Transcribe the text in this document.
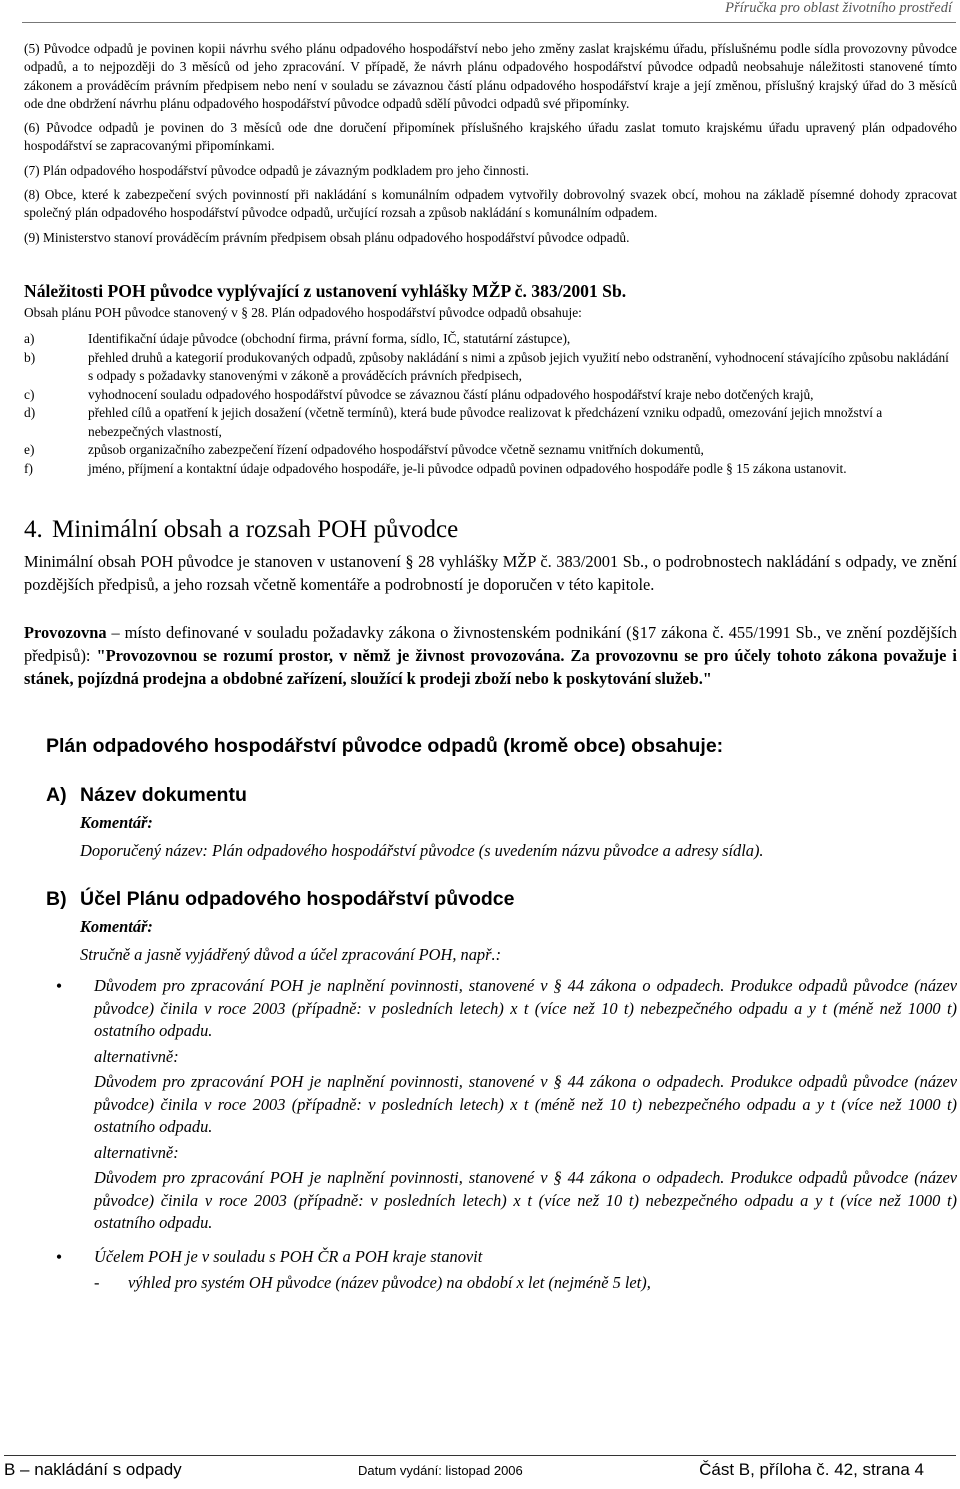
Příručka pro oblast životního prostředí

(5) Původce odpadů je povinen kopii návrhu svého plánu odpadového hospodářství nebo jeho změny zaslat krajskému úřadu, příslušnému podle sídla provozovny původce odpadů, a to nejpozději do 3 měsíců od jeho zpracování. V případě, že návrh plánu odpadového hospodářství původce odpadů neobsahuje náležitosti stanovené tímto zákonem a prováděcím právním předpisem nebo není v souladu se závaznou částí plánu odpadového hospodářství kraje a její změnou, příslušný krajský úřad do 3 měsíců ode dne obdržení návrhu plánu odpadového hospodářství původce odpadů sdělí původci odpadů své připomínky.

(6) Původce odpadů je povinen do 3 měsíců ode dne doručení připomínek příslušného krajského úřadu zaslat tomuto krajskému úřadu upravený plán odpadového hospodářství se zapracovanými připomínkami.

(7) Plán odpadového hospodářství původce odpadů je závazným podkladem pro jeho činnosti.

(8) Obce, které k zabezpečení svých povinností při nakládání s komunálním odpadem vytvořily dobrovolný svazek obcí, mohou na základě písemné dohody zpracovat společný plán odpadového hospodářství původce odpadů, určující rozsah a způsob nakládání s komunálním odpadem.

(9) Ministerstvo stanoví prováděcím právním předpisem obsah plánu odpadového hospodářství původce odpadů.

Náležitosti POH původce vyplývající z ustanovení vyhlášky MŽP č. 383/2001 Sb.

Obsah plánu POH původce stanovený v § 28. Plán odpadového hospodářství původce odpadů obsahuje:

a)	Identifikační údaje původce (obchodní firma, právní forma, sídlo, IČ, statutární zástupce),
b)	přehled druhů a kategorií produkovaných odpadů, způsoby nakládání s nimi a způsob jejich využití nebo odstranění, vyhodnocení stávajícího způsobu nakládání s odpady s požadavky stanovenými v zákoně a prováděcích právních předpisech,
c)	vyhodnocení souladu odpadového hospodářství původce se závaznou částí plánu odpadového hospodářství kraje nebo dotčených krajů,
d)	přehled cílů a opatření k jejich dosažení (včetně termínů), která bude původce realizovat k předcházení vzniku odpadů, omezování jejich množství a nebezpečných vlastností,
e)	způsob organizačního zabezpečení řízení odpadového hospodářství původce včetně seznamu vnitřních dokumentů,
f)	jméno, příjmení a kontaktní údaje odpadového hospodáře, je-li původce odpadů povinen odpadového hospodáře podle § 15 zákona ustanovit.
4. Minimální obsah a rozsah POH původce

Minimální obsah POH původce je stanoven v ustanovení § 28 vyhlášky MŽP č. 383/2001 Sb., o podrobnostech nakládání s odpady, ve znění pozdějších předpisů, a jeho rozsah včetně komentáře a podrobností je doporučen v této kapitole.

Provozovna – místo definované v souladu požadavky zákona o živnostenském podnikání (§17 zákona č. 455/1991 Sb., ve znění pozdějších předpisů): "Provozovnou se rozumí prostor, v němž je živnost provozována. Za provozovnu se pro účely tohoto zákona považuje i stánek, pojízdná prodejna a obdobné zařízení, sloužící k prodeji zboží nebo k poskytování služeb."

Plán odpadového hospodářství původce odpadů (kromě obce) obsahuje:
A) Název dokumentu
Komentář:
Doporučený název: Plán odpadového hospodářství původce (s uvedením názvu původce a adresy sídla).
B) Účel Plánu odpadového hospodářství původce
Komentář:
Stručně a jasně vyjádřený důvod a účel zpracování POH, např.:
•	Důvodem pro zpracování POH je naplnění povinnosti, stanovené v § 44 zákona o odpadech. Produkce odpadů původce (název původce) činila v roce 2003 (případně: v posledních letech) x t (více než 10 t) nebezpečného odpadu a y t (méně než 1000 t) ostatního odpadu.

alternativně:

Důvodem pro zpracování POH je naplnění povinnosti, stanovené v § 44 zákona o odpadech. Produkce odpadů původce (název původce) činila v roce 2003 (případně: v posledních letech) x t (méně než 10 t) nebezpečného odpadu a y t (více než 1000 t) ostatního odpadu.

alternativně:

Důvodem pro zpracování POH je naplnění povinnosti, stanovené v § 44 zákona o odpadech. Produkce odpadů původce (název původce) činila v roce 2003 (případně: v posledních letech) x t (více než 10 t) nebezpečného odpadu a y t (více než 1000 t) ostatního odpadu.

•	Účelem POH je v souladu s POH ČR a POH kraje stanovit

-	výhled pro systém OH původce (název původce) na období x let (nejméně 5 let),
B – nakládání s odpady	Datum vydání: listopad 2006	Část B, příloha č. 42, strana 4
